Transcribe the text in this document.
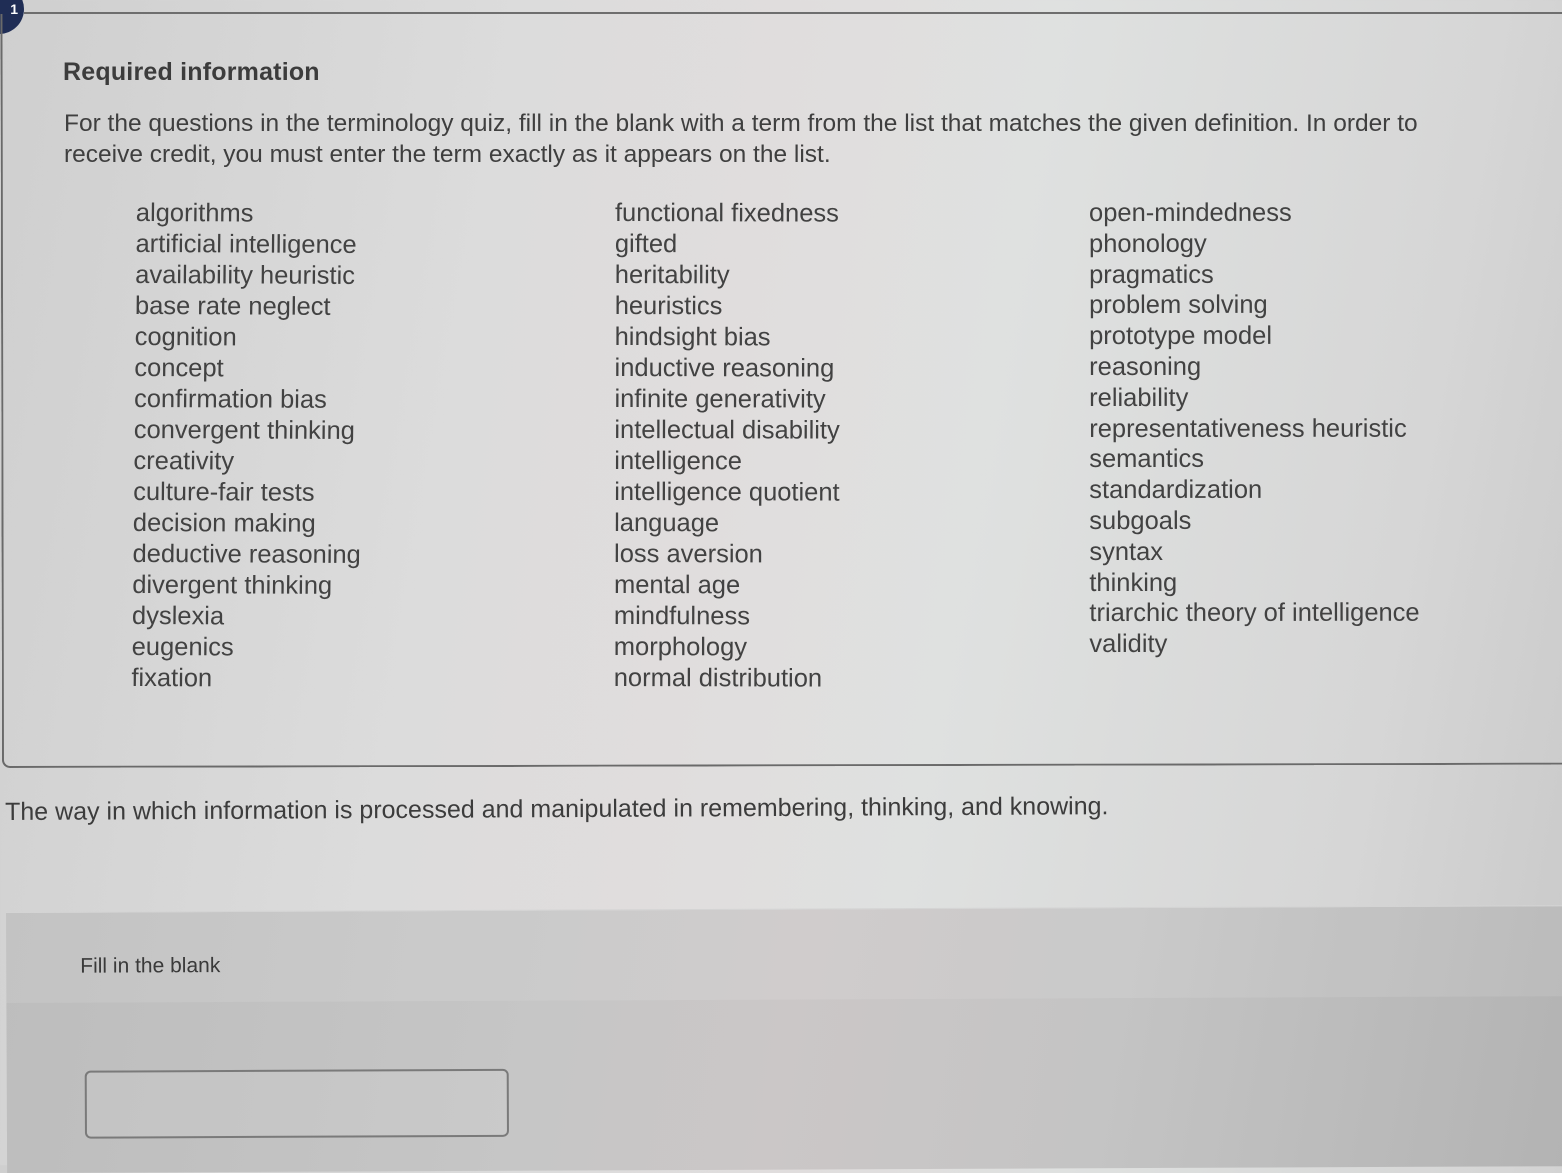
1
Required information

For the questions in the terminology quiz, fill in the blank with a term from the list that matches the given definition. In order to receive credit, you must enter the term exactly as it appears on the list.

algorithms
artificial intelligence
availability heuristic
base rate neglect
cognition
concept
confirmation bias
convergent thinking
creativity
culture-fair tests
decision making
deductive reasoning
divergent thinking
dyslexia
eugenics
fixation
functional fixedness
gifted
heritability
heuristics
hindsight bias
inductive reasoning
infinite generativity
intellectual disability
intelligence
intelligence quotient
language
loss aversion
mental age
mindfulness
morphology
normal distribution
open-mindedness
phonology
pragmatics
problem solving
prototype model
reasoning
reliability
representativeness heuristic
semantics
standardization
subgoals
syntax
thinking
triarchic theory of intelligence
validity

The way in which information is processed and manipulated in remembering, thinking, and knowing.

Fill in the blank
